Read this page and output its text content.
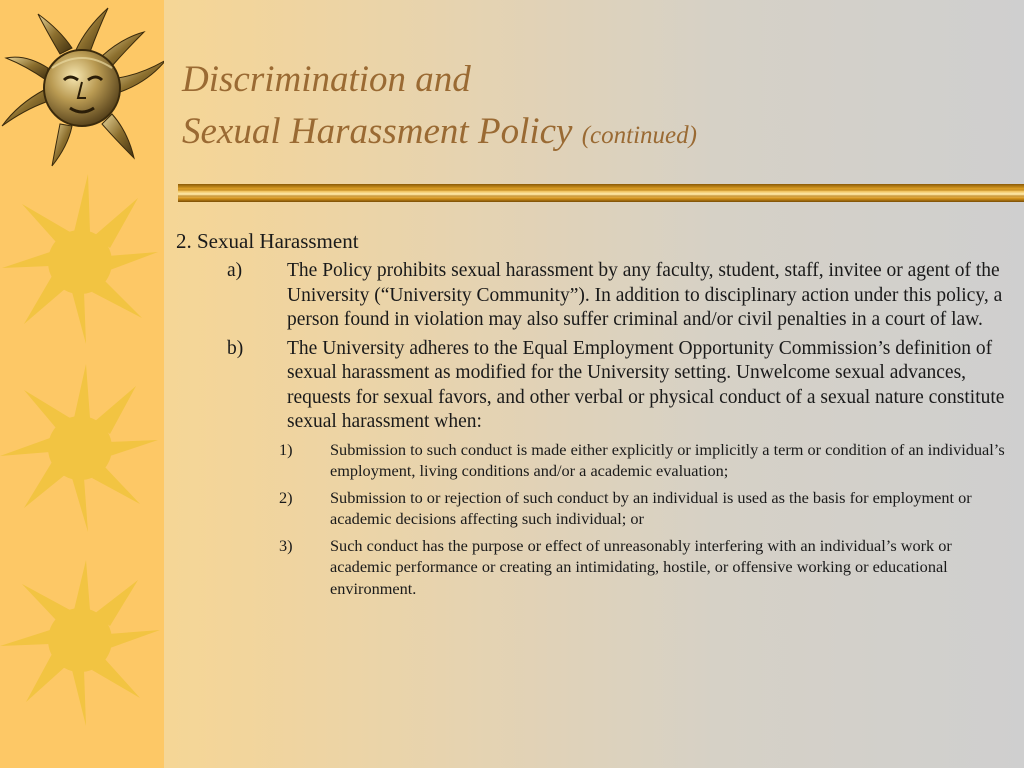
Discrimination and
Sexual Harassment Policy (continued)
2. Sexual Harassment
a) The Policy prohibits sexual harassment by any faculty, student, staff, invitee or agent of the University (“University Community”). In addition to disciplinary action under this policy, a person found in violation may also suffer criminal and/or civil penalties in a court of law.
b) The University adheres to the Equal Employment Opportunity Commission’s definition of sexual harassment as modified for the University setting. Unwelcome sexual advances, requests for sexual favors, and other verbal or physical conduct of a sexual nature constitute sexual harassment when:
1) Submission to such conduct is made either explicitly or implicitly a term or condition of an individual’s employment, living conditions and/or a academic evaluation;
2) Submission to or rejection of such conduct by an individual is used as the basis for employment or academic decisions affecting such individual; or
3) Such conduct has the purpose or effect of unreasonably interfering with an individual’s work or academic performance or creating an intimidating, hostile, or offensive working or educational environment.
